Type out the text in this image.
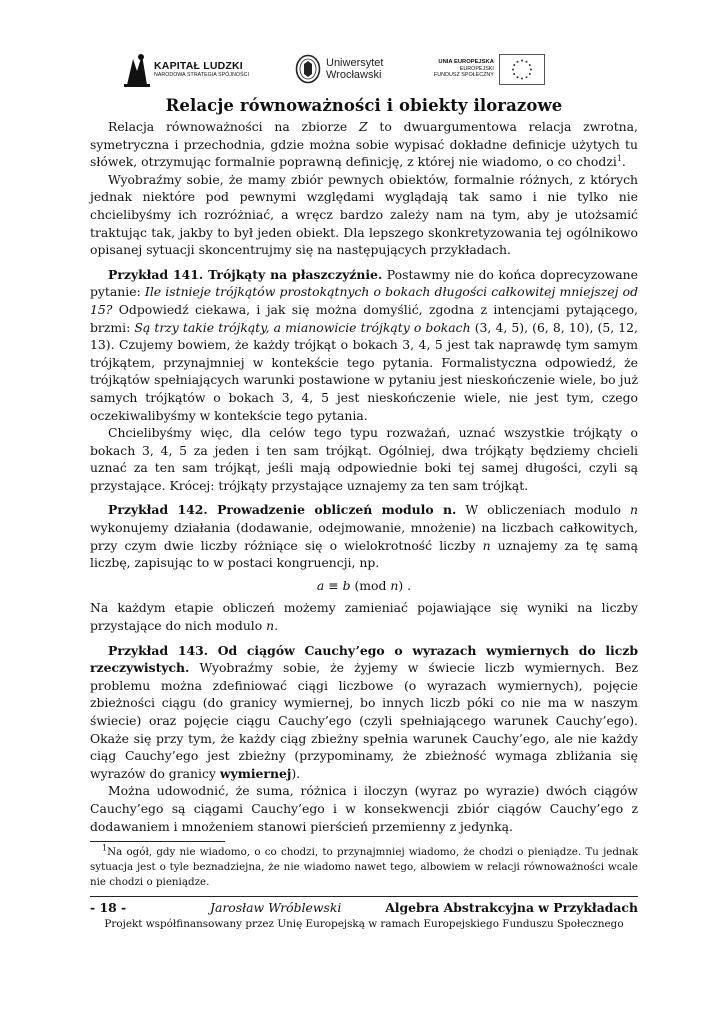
KAPITAŁ LUDZKI
NARODOWA STRATEGIA SPÓJNOŚCI
Uniwersytet
Wrocławski
UNIA EUROPEJSKA
EUROPEJSKI
FUNDUSZ SPOŁECZNY
Relacje równoważności i obiekty ilorazowe

Relacja równoważności na zbiorze Z to dwuargumentowa relacja zwrotna, symetryczna i przechodnia, gdzie można sobie wypisać dokładne definicje użytych tu słówek, otrzymując formalnie poprawną definicję, z której nie wiadomo, o co chodzi$^1$.

Wyobraźmy sobie, że mamy zbiór pewnych obiektów, formalnie różnych, z których jednak niektóre pod pewnymi względami wyglądają tak samo i nie tylko nie chcielibyśmy ich rozróżniać, a wręcz bardzo zależy nam na tym, aby je utożsamić traktując tak, jakby to był jeden obiekt. Dla lepszego skonkretyzowania tej ogólnikowo opisanej sytuacji skoncentrujmy się na następujących przykładach.

Przykład 141. Trójkąty na płaszczyźnie. Postawmy nie do końca doprecyzowane pytanie: Ile istnieje trójkątów prostokątnych o bokach długości całkowitej mniejszej od 15? Odpowiedź ciekawa, i jak się można domyślić, zgodna z intencjami pytającego, brzmi: Są trzy takie trójkąty, a mianowicie trójkąty o bokach (3, 4, 5), (6, 8, 10), (5, 12, 13). Czujemy bowiem, że każdy trójkąt o bokach 3, 4, 5 jest tak naprawdę tym samym trójkątem, przynajmniej w kontekście tego pytania. Formalistyczna odpowiedź, że trójkątów spełniających warunki postawione w pytaniu jest nieskończenie wiele, bo już samych trójkątów o bokach 3, 4, 5 jest nieskończenie wiele, nie jest tym, czego oczekiwalibyśmy w kontekście tego pytania.

Chcielibyśmy więc, dla celów tego typu rozważań, uznać wszystkie trójkąty o bokach 3, 4, 5 za jeden i ten sam trójkąt. Ogólniej, dwa trójkąty będziemy chcieli uznać za ten sam trójkąt, jeśli mają odpowiednie boki tej samej długości, czyli są przystające. Krócej: trójkąty przystające uznajemy za ten sam trójkąt.

Przykład 142. Prowadzenie obliczeń modulo n. W obliczeniach modulo n wykonujemy działania (dodawanie, odejmowanie, mnożenie) na liczbach całkowitych, przy czym dwie liczby różniące się o wielokrotność liczby n uznajemy za tę samą liczbę, zapisując to w postaci kongruencji, np.

a ≡ b (mod n) .

Na każdym etapie obliczeń możemy zamieniać pojawiające się wyniki na liczby przystające do nich modulo n.

Przykład 143. Od ciągów Cauchy’ego o wyrazach wymiernych do liczb rzeczywistych. Wyobraźmy sobie, że żyjemy w świecie liczb wymiernych. Bez problemu można zdefiniować ciągi liczbowe (o wyrazach wymiernych), pojęcie zbieżności ciągu (do granicy wymiernej, bo innych liczb póki co nie ma w naszym świecie) oraz pojęcie ciągu Cauchy’ego (czyli spełniającego warunek Cauchy’ego). Okaże się przy tym, że każdy ciąg zbieżny spełnia warunek Cauchy’ego, ale nie każdy ciąg Cauchy’ego jest zbieżny (przypominamy, że zbieżność wymaga zbliżania się wyrazów do granicy wymiernej).

Można udowodnić, że suma, różnica i iloczyn (wyraz po wyrazie) dwóch ciągów Cauchy’ego są ciągami Cauchy’ego i w konsekwencji zbiór ciągów Cauchy’ego z dodawaniem i mnożeniem stanowi pierścień przemienny z jedynką.

$^1$Na ogół, gdy nie wiadomo, o co chodzi, to przynajmniej wiadomo, że chodzi o pieniądze. Tu jednak sytuacja jest o tyle beznadziejna, że nie wiadomo nawet tego, albowiem w relacji równoważności wcale nie chodzi o pieniądze.

- 18 -	Jarosław Wróblewski	Algebra Abstrakcyjna w Przykładach
Projekt współfinansowany przez Unię Europejską w ramach Europejskiego Funduszu Społecznego
